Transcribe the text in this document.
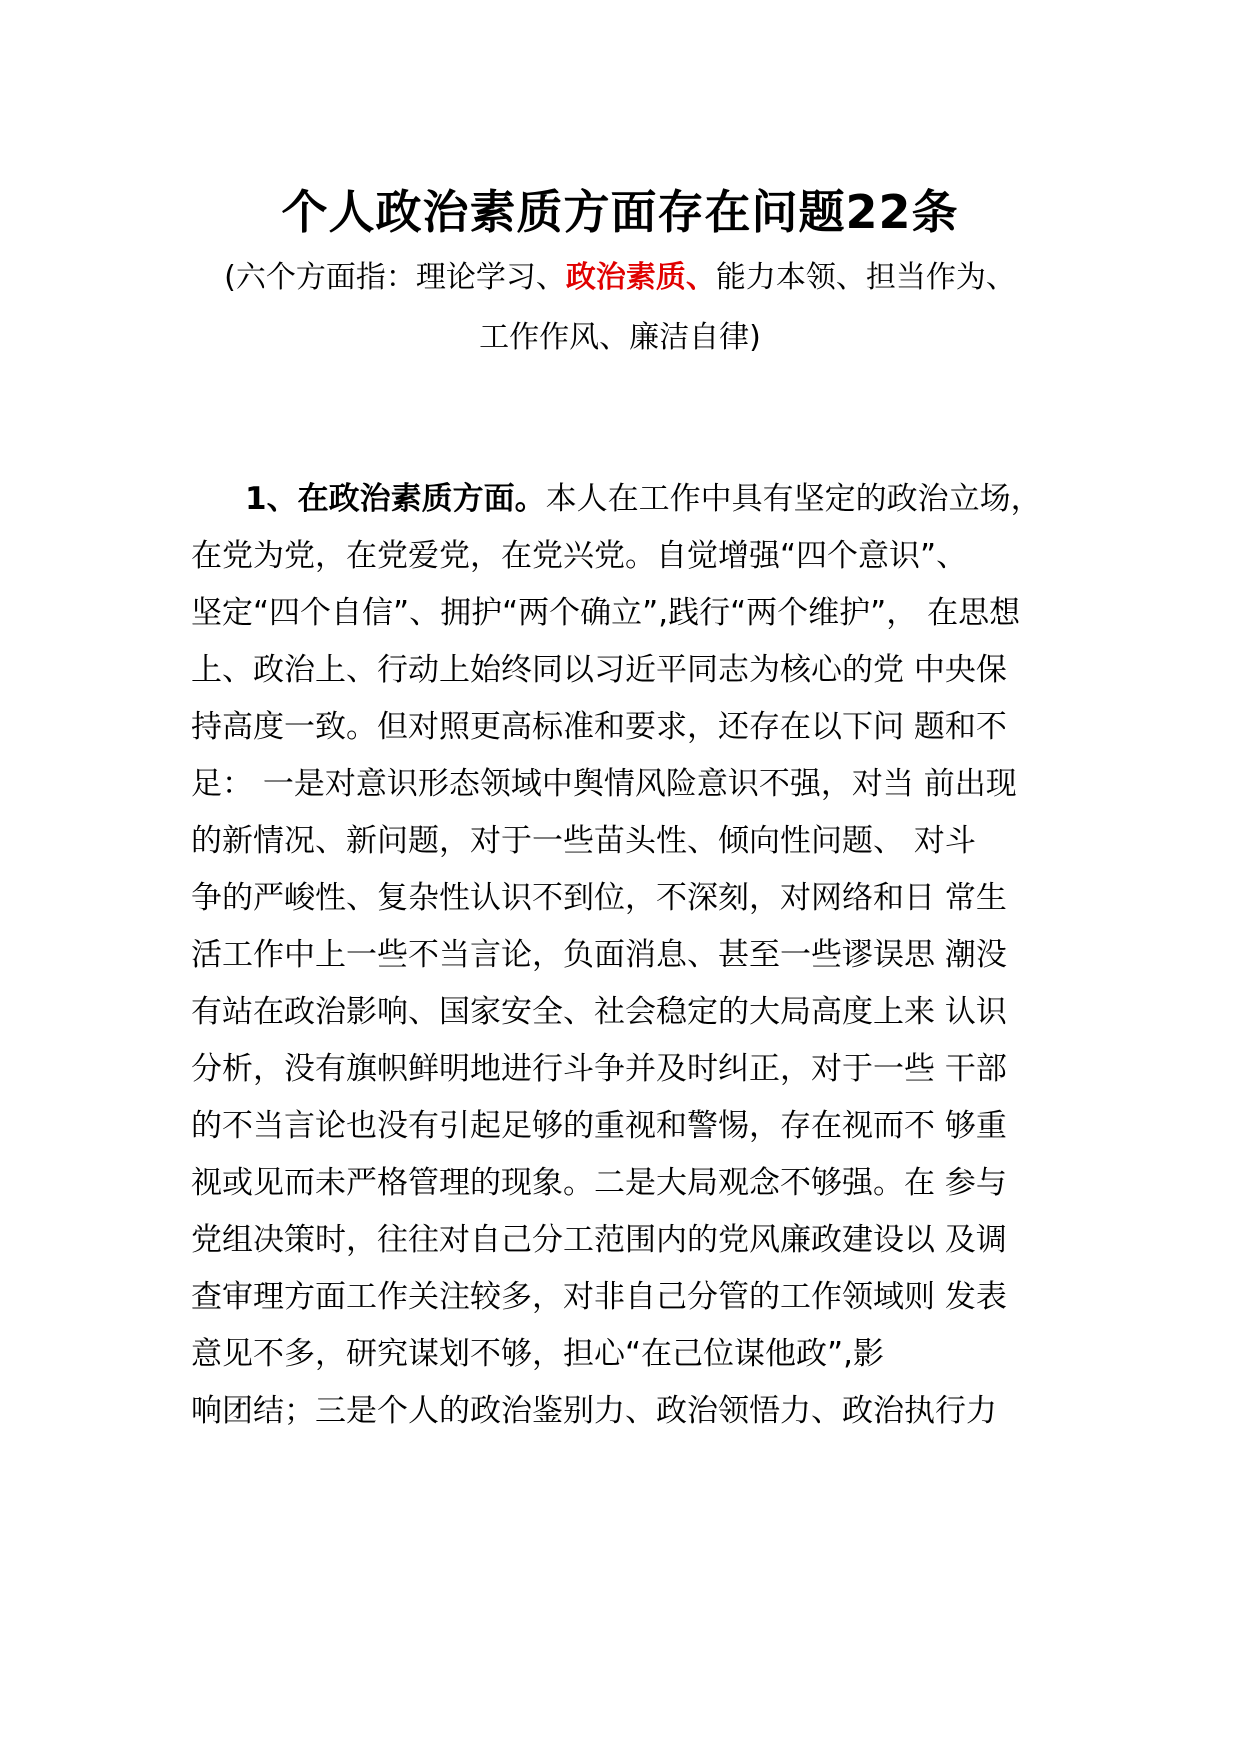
个人政治素质方面存在问题22条
(六个方面指：理论学习、政治素质、能力本领、担当作为、
工作作风、廉洁自律)
1、在政治素质方面。本人在工作中具有坚定的政治立场，
在党为党，在党爱党，在党兴党。自觉增强“四个意识”、
坚定“四个自信”、拥护“两个确立”,践行“两个维护”， 在思想
上、政治上、行动上始终同以习近平同志为核心的党 中央保
持高度一致。但对照更高标准和要求，还存在以下问 题和不
足： 一是对意识形态领域中舆情风险意识不强，对当 前出现
的新情况、新问题，对于一些苗头性、倾向性问题、 对斗
争的严峻性、复杂性认识不到位，不深刻，对网络和日 常生
活工作中上一些不当言论，负面消息、甚至一些谬误思 潮没
有站在政治影响、国家安全、社会稳定的大局高度上来 认识
分析，没有旗帜鲜明地进行斗争并及时纠正，对于一些 干部
的不当言论也没有引起足够的重视和警惕，存在视而不 够重
视或见而未严格管理的现象。二是大局观念不够强。在 参与
党组决策时，往往对自己分工范围内的党风廉政建设以 及调
查审理方面工作关注较多，对非自己分管的工作领域则 发表
意见不多，研究谋划不够，担心“在己位谋他政”,影
响团结；三是个人的政治鉴别力、政治领悟力、政治执行力
